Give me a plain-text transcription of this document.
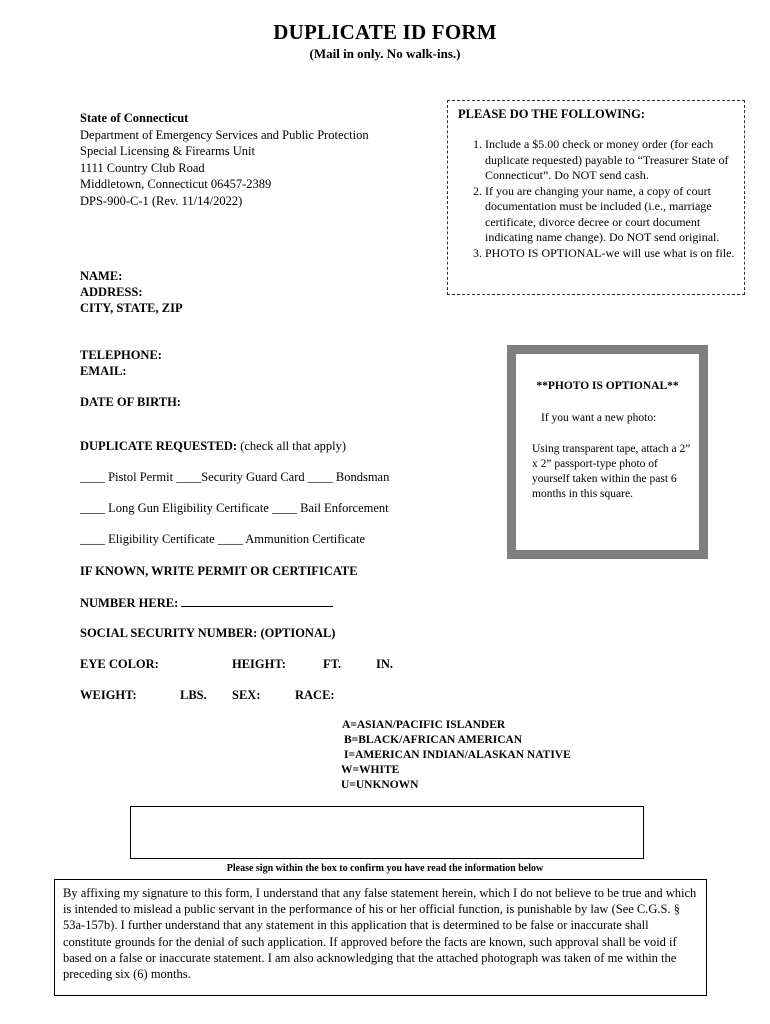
DUPLICATE ID FORM
(Mail in only. No walk-ins.)
State of Connecticut
Department of Emergency Services and Public Protection
Special Licensing & Firearms Unit
1111 Country Club Road
Middletown, Connecticut 06457-2389
DPS-900-C-1 (Rev. 11/14/2022)
PLEASE DO THE FOLLOWING:
1. Include a $5.00 check or money order (for each duplicate requested) payable to “Treasurer State of Connecticut”. Do NOT send cash.
2. If you are changing your name, a copy of court documentation must be included (i.e., marriage certificate, divorce decree or court document indicating name change). Do NOT send original.
3. PHOTO IS OPTIONAL-we will use what is on file.
NAME:
ADDRESS:
CITY, STATE, ZIP
TELEPHONE:
EMAIL:
DATE OF BIRTH:
DUPLICATE REQUESTED: (check all that apply)
____ Pistol Permit ____Security Guard Card ____ Bondsman
____ Long Gun Eligibility Certificate ____ Bail Enforcement
____ Eligibility Certificate ____ Ammunition Certificate
IF KNOWN, WRITE PERMIT OR CERTIFICATE
NUMBER HERE:
SOCIAL SECURITY NUMBER: (OPTIONAL)
EYE COLOR:	HEIGHT:	FT.	IN.
WEIGHT:	LBS. SEX:	RACE:
**PHOTO IS OPTIONAL**
If you want a new photo:
Using transparent tape, attach a 2” x 2” passport-type photo of yourself taken within the past 6 months in this square.
A=ASIAN/PACIFIC ISLANDER
B=BLACK/AFRICAN AMERICAN
I=AMERICAN INDIAN/ALASKAN NATIVE
W=WHITE
U=UNKNOWN
Please sign within the box to confirm you have read the information below
By affixing my signature to this form, I understand that any false statement herein, which I do not believe to be true and which is intended to mislead a public servant in the performance of his or her official function, is punishable by law (See C.G.S. § 53a-157b). I further understand that any statement in this application that is determined to be false or inaccurate shall constitute grounds for the denial of such application. If approved before the facts are known, such approval shall be void if based on a false or inaccurate statement. I am also acknowledging that the attached photograph was taken of me within the preceding six (6) months.
